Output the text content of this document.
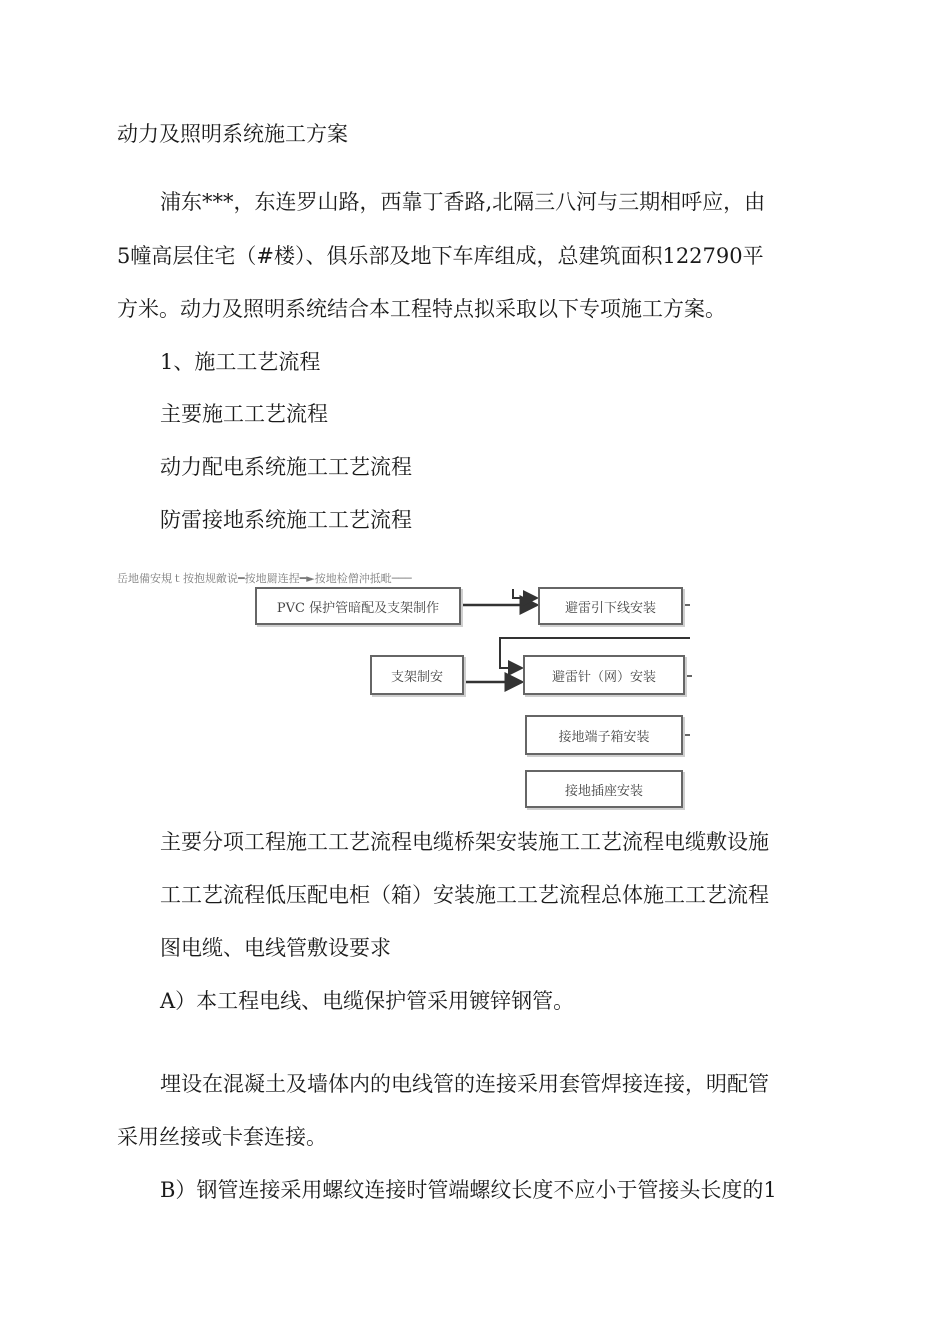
动力及照明系统施工方案
浦东***，东连罗山路，西靠丁香路,北隔三八河与三期相呼应，由
5幢高层住宅（#楼）、俱乐部及地下车库组成，总建筑面积122790平
方米。动力及照明系统结合本工程特点拟采取以下专项施工方案。
1、施工工艺流程
主要施工工艺流程
动力配电系统施工工艺流程
防雷接地系统施工工艺流程
岳地備安規ｔ按抱规敵说━按地罽连捏━►按地检僧沖抵毗───
PVC 保护管暗配及支架制作	避雷引下线安装
支架制安	避雷针（网）安装
接地端子箱安装
接地插座安装
主要分项工程施工工艺流程电缆桥架安装施工工艺流程电缆敷设施
工工艺流程低压配电柜（箱）安装施工工艺流程总体施工工艺流程
图电缆、电线管敷设要求
A）本工程电线、电缆保护管采用镀锌钢管。
埋设在混凝土及墙体内的电线管的连接采用套管焊接连接，明配管
采用丝接或卡套连接。
B）钢管连接采用螺纹连接时管端螺纹长度不应小于管接头长度的1
